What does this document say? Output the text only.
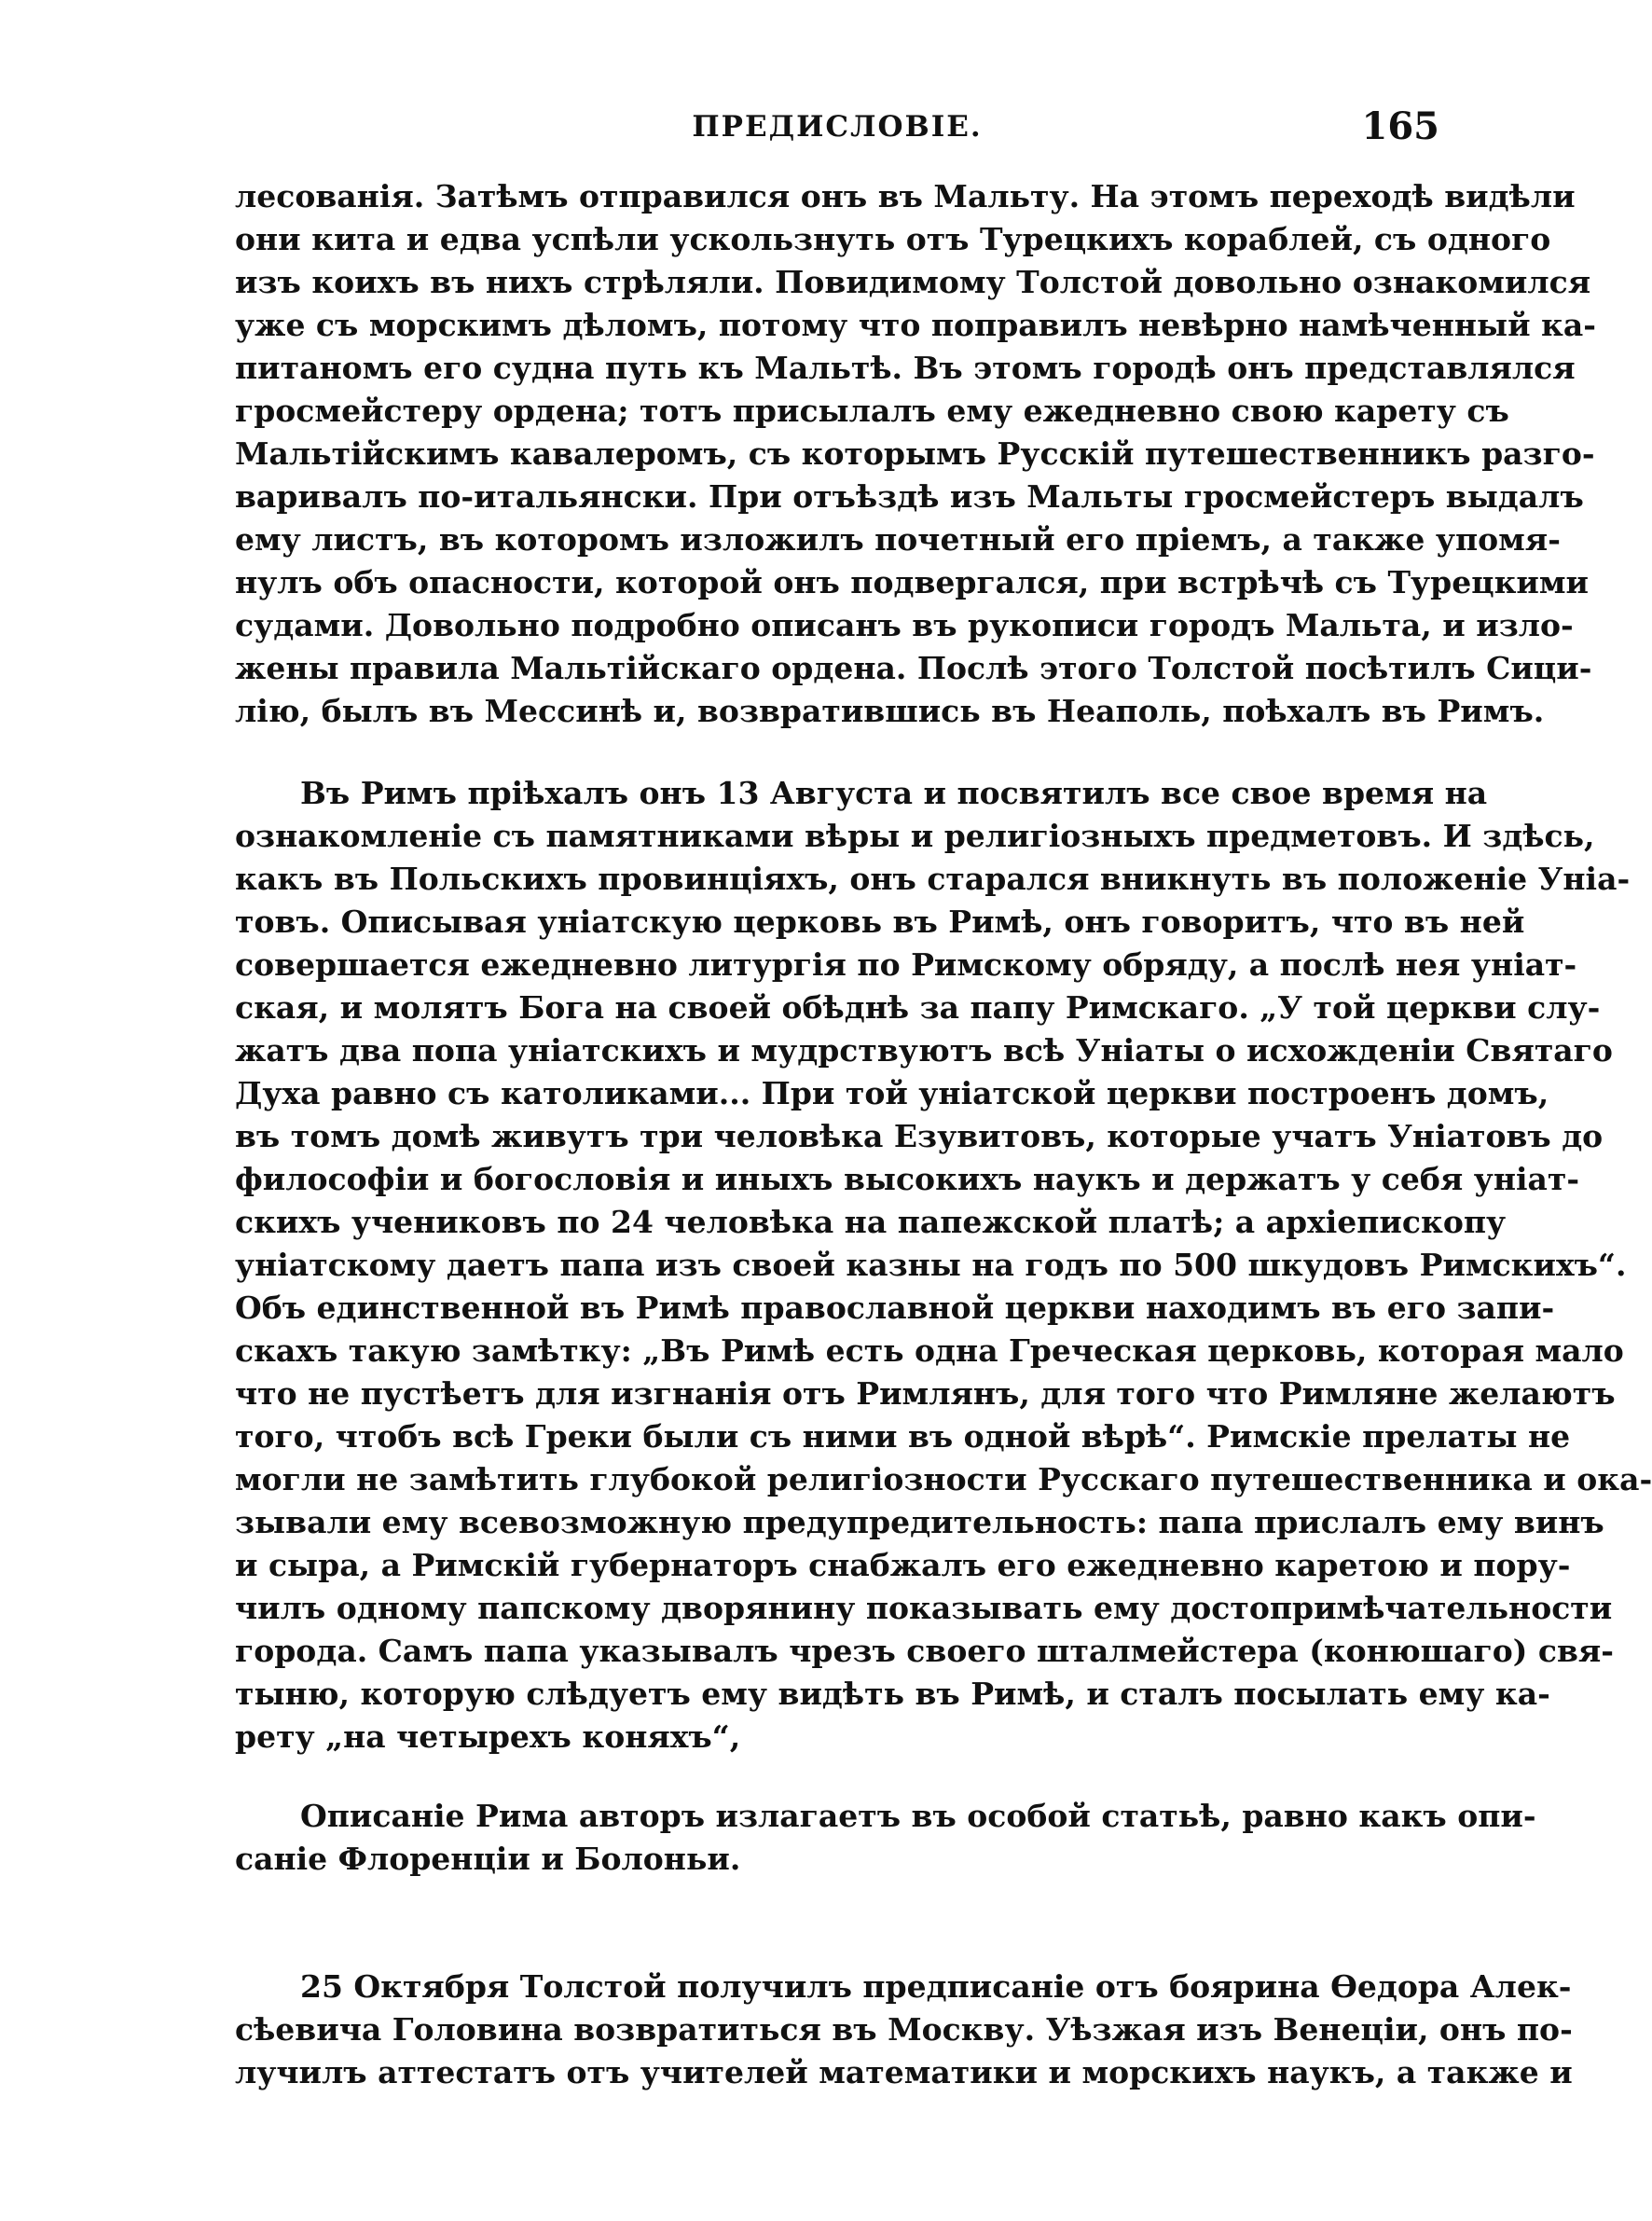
ПРЕДИСЛОВІЕ.	165
лесованія. Затѣмъ отправился онъ въ Мальту. На этомъ переходѣ видѣли
они кита и едва успѣли ускользнуть отъ Турецкихъ кораблей, съ одного
изъ коихъ въ нихъ стрѣляли. Повидимому Толстой довольно ознакомился
уже съ морскимъ дѣломъ, потому что поправилъ невѣрно намѣченный ка-
питаномъ его судна путь къ Мальтѣ. Въ этомъ городѣ онъ представлялся
гросмейстеру ордена; тотъ присылалъ ему ежедневно свою карету съ
Мальтійскимъ кавалеромъ, съ которымъ Русскій путешественникъ разго-
варивалъ по-итальянски. При отъѣздѣ изъ Мальты гросмейстеръ выдалъ
ему листъ, въ которомъ изложилъ почетный его пріемъ, а также упомя-
нулъ объ опасности, которой онъ подвергался, при встрѣчѣ съ Турецкими
судами. Довольно подробно описанъ въ рукописи городъ Мальта, и изло-
жены правила Мальтійскаго ордена. Послѣ этого Толстой посѣтилъ Сици-
лію, былъ въ Мессинѣ и, возвратившись въ Неаполь, поѣхалъ въ Римъ.
Въ Римъ пріѣхалъ онъ 13 Августа и посвятилъ все свое время на
ознакомленіе съ памятниками вѣры и религіозныхъ предметовъ. И здѣсь,
какъ въ Польскихъ провинціяхъ, онъ старался вникнуть въ положеніе Уніа-
товъ. Описывая уніатскую церковь въ Римѣ, онъ говоритъ, что въ ней
совершается ежедневно литургія по Римскому обряду, а послѣ нея уніат-
ская, и молятъ Бога на своей обѣднѣ за папу Римскаго. „У той церкви слу-
жатъ два попа уніатскихъ и мудрствуютъ всѣ Уніаты о исхожденіи Святаго
Духа равно съ католиками... При той уніатской церкви построенъ домъ,
въ томъ домѣ живутъ три человѣка Езувитовъ, которые учатъ Уніатовъ до
философіи и богословія и иныхъ высокихъ наукъ и держатъ у себя уніат-
скихъ учениковъ по 24 человѣка на папежской платѣ; а архіепископу
уніатскому даетъ папа изъ своей казны на годъ по 500 шкудовъ Римскихъ“.
Объ единственной въ Римѣ православной церкви находимъ въ его запи-
скахъ такую замѣтку: „Въ Римѣ есть одна Греческая церковь, которая мало
что не пустѣетъ для изгнанія отъ Римлянъ, для того что Римляне желаютъ
того, чтобъ всѣ Греки были съ ними въ одной вѣрѣ“. Римскіе прелаты не
могли не замѣтить глубокой религіозности Русскаго путешественника и ока-
зывали ему всевозможную предупредительность: папа прислалъ ему винъ
и сыра, а Римскій губернаторъ снабжалъ его ежедневно каретою и пору-
чилъ одному папскому дворянину показывать ему достопримѣчательности
города. Самъ папа указывалъ чрезъ своего шталмейстера (конюшаго) свя-
тыню, которую слѣдуетъ ему видѣть въ Римѣ, и сталъ посылать ему ка-
рету „на четырехъ коняхъ“,
Описаніе Рима авторъ излагаетъ въ особой статьѣ, равно какъ опи-
саніе Флоренціи и Болоньи.
25 Октября Толстой получилъ предписаніе отъ боярина Ѳедора Алек-
сѣевича Головина возвратиться въ Москву. Уѣзжая изъ Венеціи, онъ по-
лучилъ аттестатъ отъ учителей математики и морскихъ наукъ, а также и
